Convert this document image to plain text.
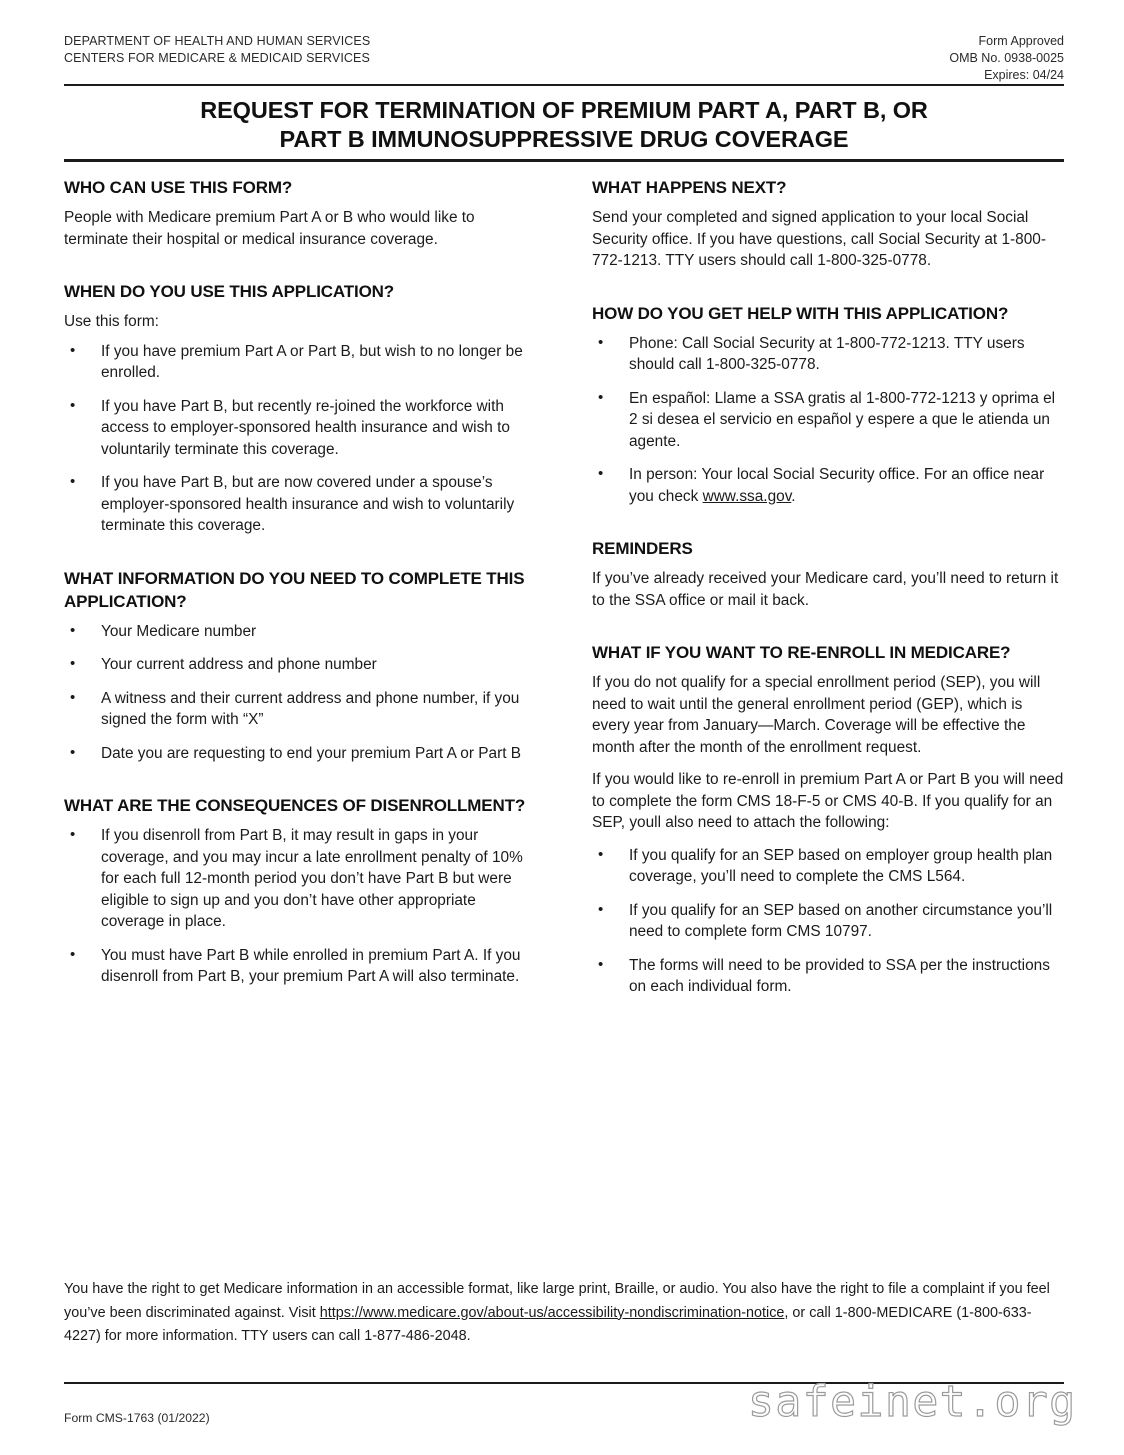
DEPARTMENT OF HEALTH AND HUMAN SERVICES
CENTERS FOR MEDICARE & MEDICAID SERVICES
Form Approved
OMB No. 0938-0025
Expires: 04/24
REQUEST FOR TERMINATION OF PREMIUM PART A, PART B, OR
PART B IMMUNOSUPPRESSIVE DRUG COVERAGE
WHO CAN USE THIS FORM?

People with Medicare premium Part A or B who would like to terminate their hospital or medical insurance coverage.

WHEN DO YOU USE THIS APPLICATION?

Use this form:

• If you have premium Part A or Part B, but wish to no longer be enrolled.
• If you have Part B, but recently re-joined the workforce with access to employer-sponsored health insurance and wish to voluntarily terminate this coverage.
• If you have Part B, but are now covered under a spouse’s employer-sponsored health insurance and wish to voluntarily terminate this coverage.
WHAT INFORMATION DO YOU NEED TO COMPLETE THIS APPLICATION?
• Your Medicare number
• Your current address and phone number
• A witness and their current address and phone number, if you signed the form with “X”
• Date you are requesting to end your premium Part A or Part B
WHAT ARE THE CONSEQUENCES OF DISENROLLMENT?
• If you disenroll from Part B, it may result in gaps in your coverage, and you may incur a late enrollment penalty of 10% for each full 12-month period you don’t have Part B but were eligible to sign up and you don’t have other appropriate coverage in place.
• You must have Part B while enrolled in premium Part A. If you disenroll from Part B, your premium Part A will also terminate.
WHAT HAPPENS NEXT?

Send your completed and signed application to your local Social Security office. If you have questions, call Social Security at 1-800-772-1213. TTY users should call 1-800-325-0778.

HOW DO YOU GET HELP WITH THIS APPLICATION?
• Phone: Call Social Security at 1-800-772-1213. TTY users should call 1-800-325-0778.
• En español: Llame a SSA gratis al 1-800-772-1213 y oprima el 2 si desea el servicio en español y espere a que le atienda un agente.
• In person: Your local Social Security office. For an office near you check www.ssa.gov.
REMINDERS

If you’ve already received your Medicare card, you’ll need to return it to the SSA office or mail it back.

WHAT IF YOU WANT TO RE-ENROLL IN MEDICARE?

If you do not qualify for a special enrollment period (SEP), you will need to wait until the general enrollment period (GEP), which is every year from January—March. Coverage will be effective the month after the month of the enrollment request.

If you would like to re-enroll in premium Part A or Part B you will need to complete the form CMS 18-F-5 or CMS 40-B. If you qualify for an SEP, youll also need to attach the following:

• If you qualify for an SEP based on employer group health plan coverage, you’ll need to complete the CMS L564.
• If you qualify for an SEP based on another circumstance you’ll need to complete form CMS 10797.
• The forms will need to be provided to SSA per the instructions on each individual form.
You have the right to get Medicare information in an accessible format, like large print, Braille, or audio. You also have the right to file a complaint if you feel you’ve been discriminated against. Visit https://www.medicare.gov/about-us/accessibility-nondiscrimination-notice, or call 1-800-MEDICARE (1-800-633-4227) for more information. TTY users can call 1-877-486-2048.
safeinet.org
Form CMS-1763 (01/2022)
